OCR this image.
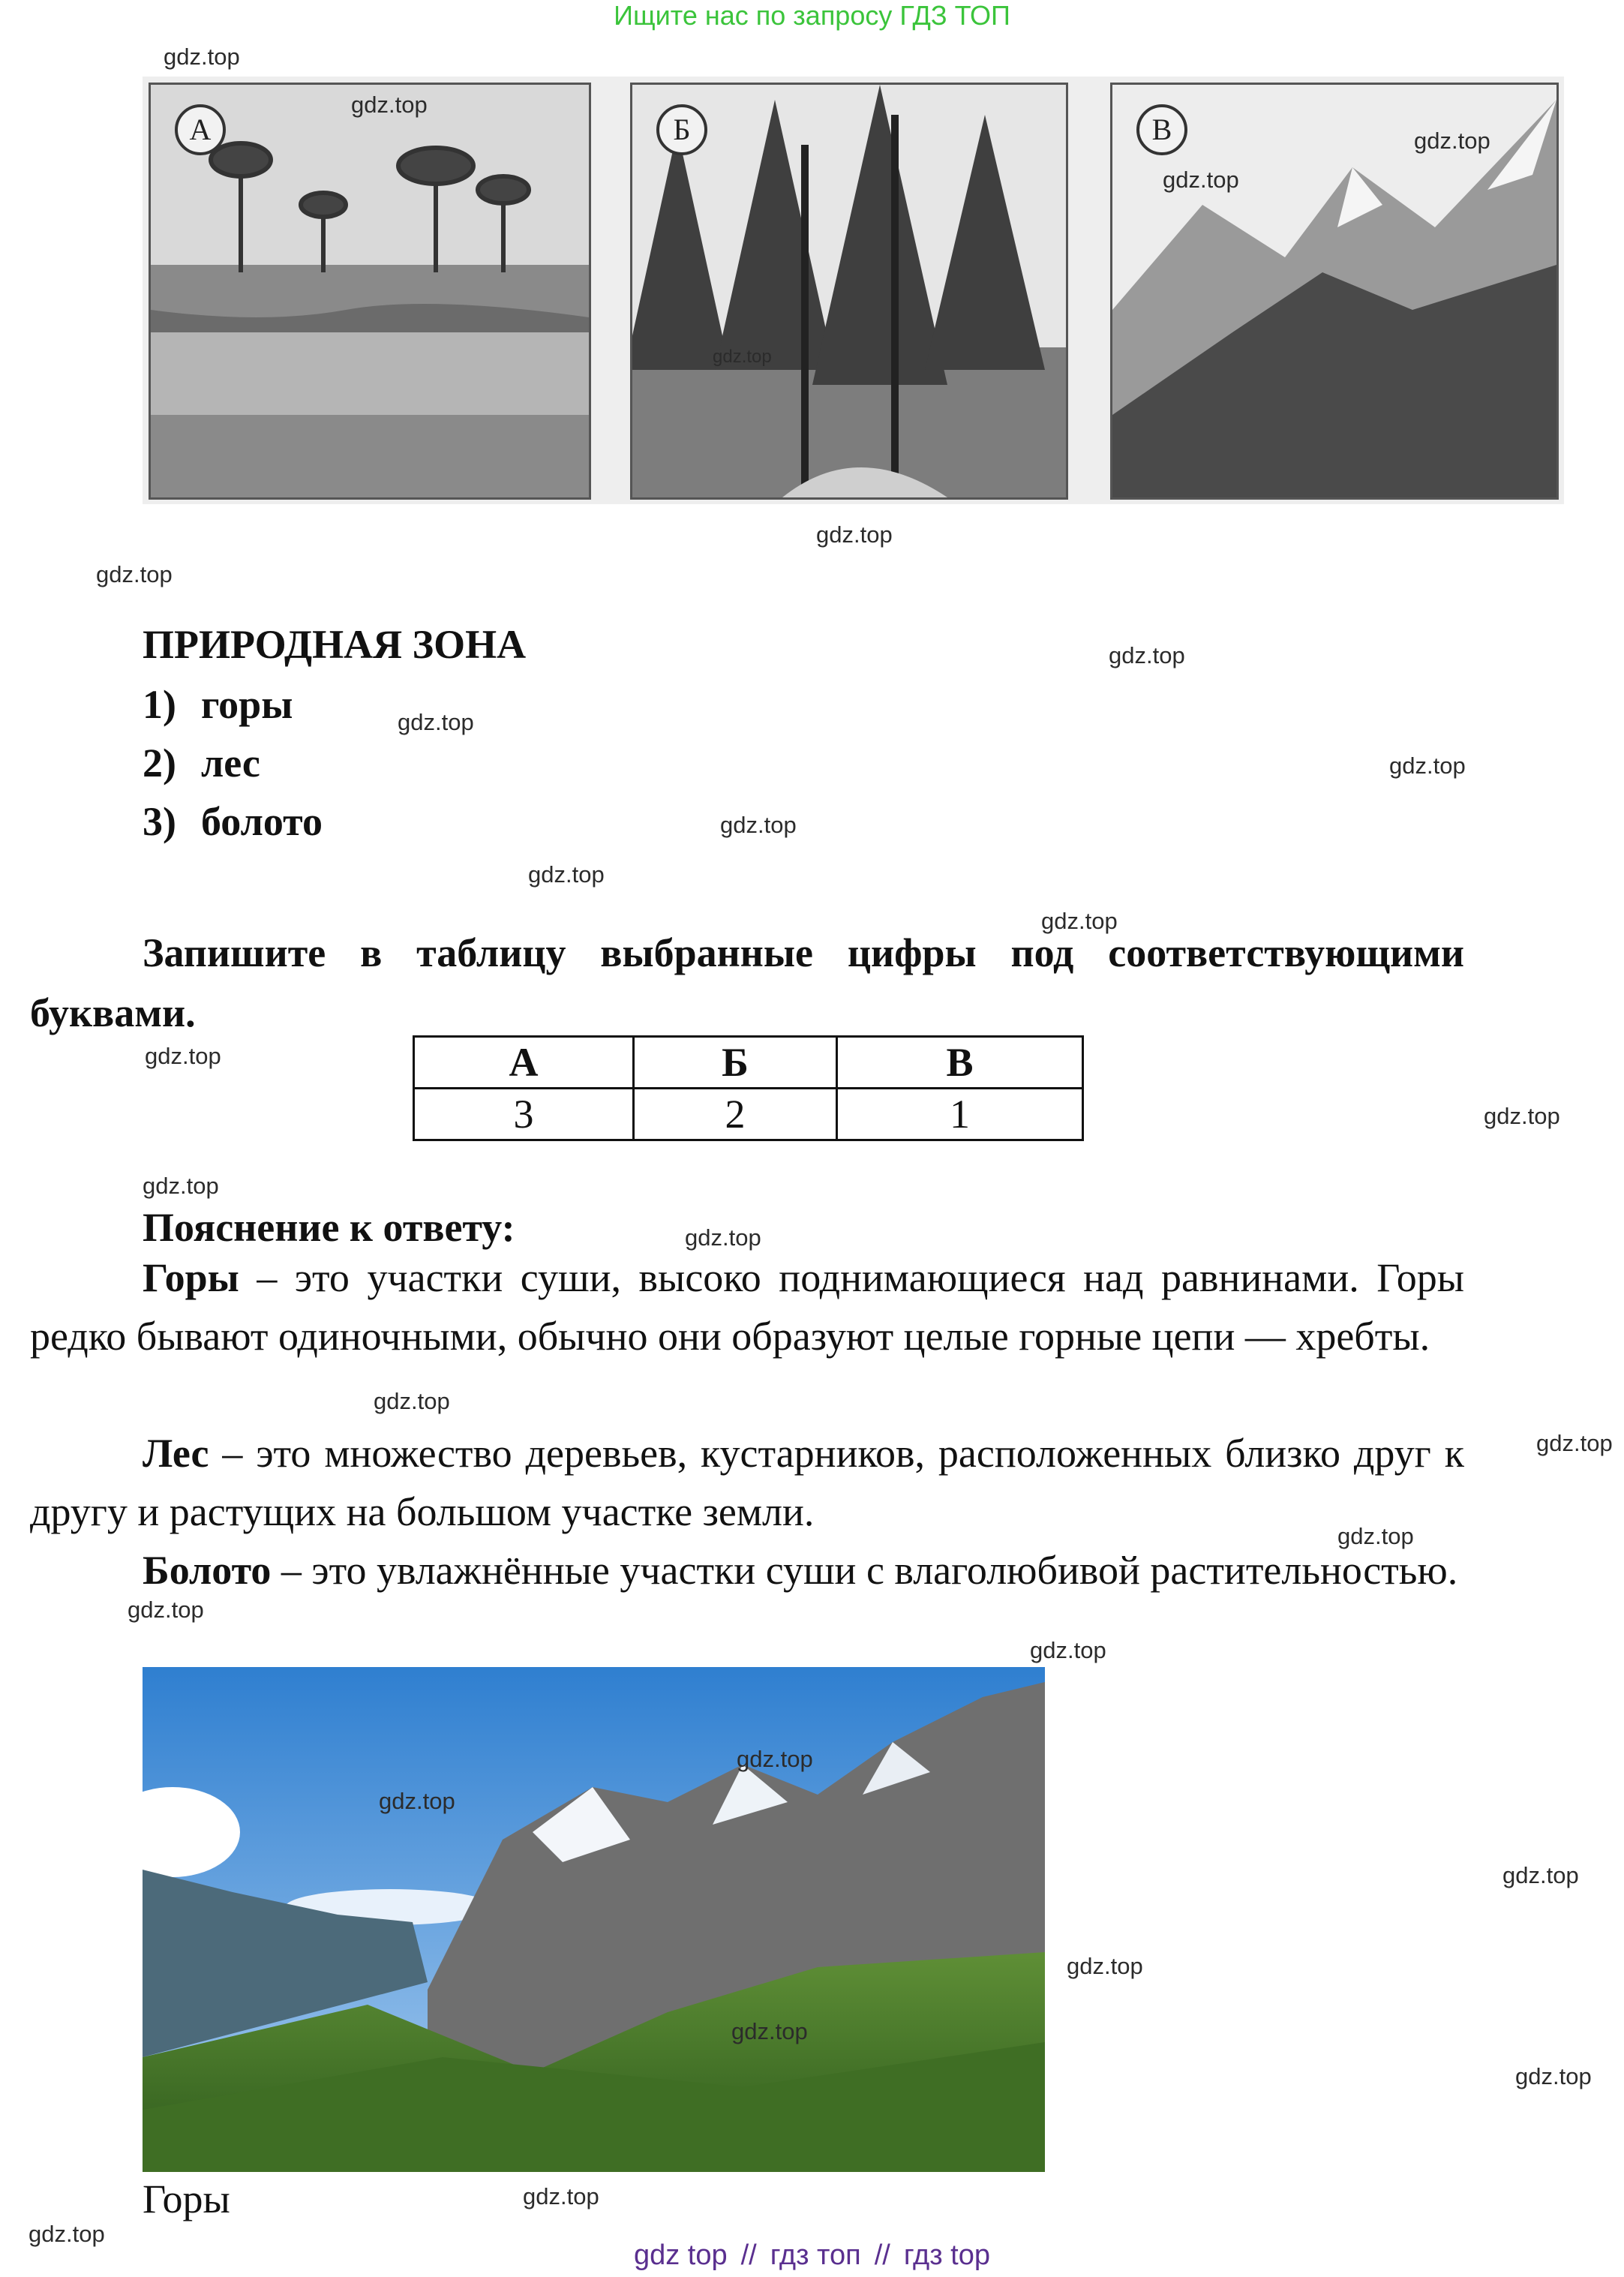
Ищите нас по запросу ГДЗ ТОП
А	Б	В
ПРИРОДНАЯ ЗОНА
1) горы
2) лес
3) болото
Запишите в таблицу выбранные цифры под соответствующими буквами.
А	Б	В
3	2	1
Пояснение к ответу:
Горы – это участки суши, высоко поднимающиеся над равнинами. Горы редко бывают одиночными, обычно они образуют целые горные цепи — хребты.
Лес – это множество деревьев, кустарников, расположенных близко друг к другу и растущих на большом участке земли.
Болото – это увлажнённые участки суши с влаголюбивой растительностью.
Горы
gdz.top
gdz.top
gdz.top
gdz.top
gdz.top
gdz.top
gdz.top
gdz.top
gdz.top
gdz.top
gdz.top
gdz.top
gdz.top
gdz.top
gdz.top
gdz.top
gdz.top
gdz.top
gdz.top
gdz.top
gdz.top
gdz.top
gdz.top
gdz.top
gdz.top
gdz.top
gdz.top
gdz.top
gdz.top
gdz.top
gdz top // гдз топ // гдз top
